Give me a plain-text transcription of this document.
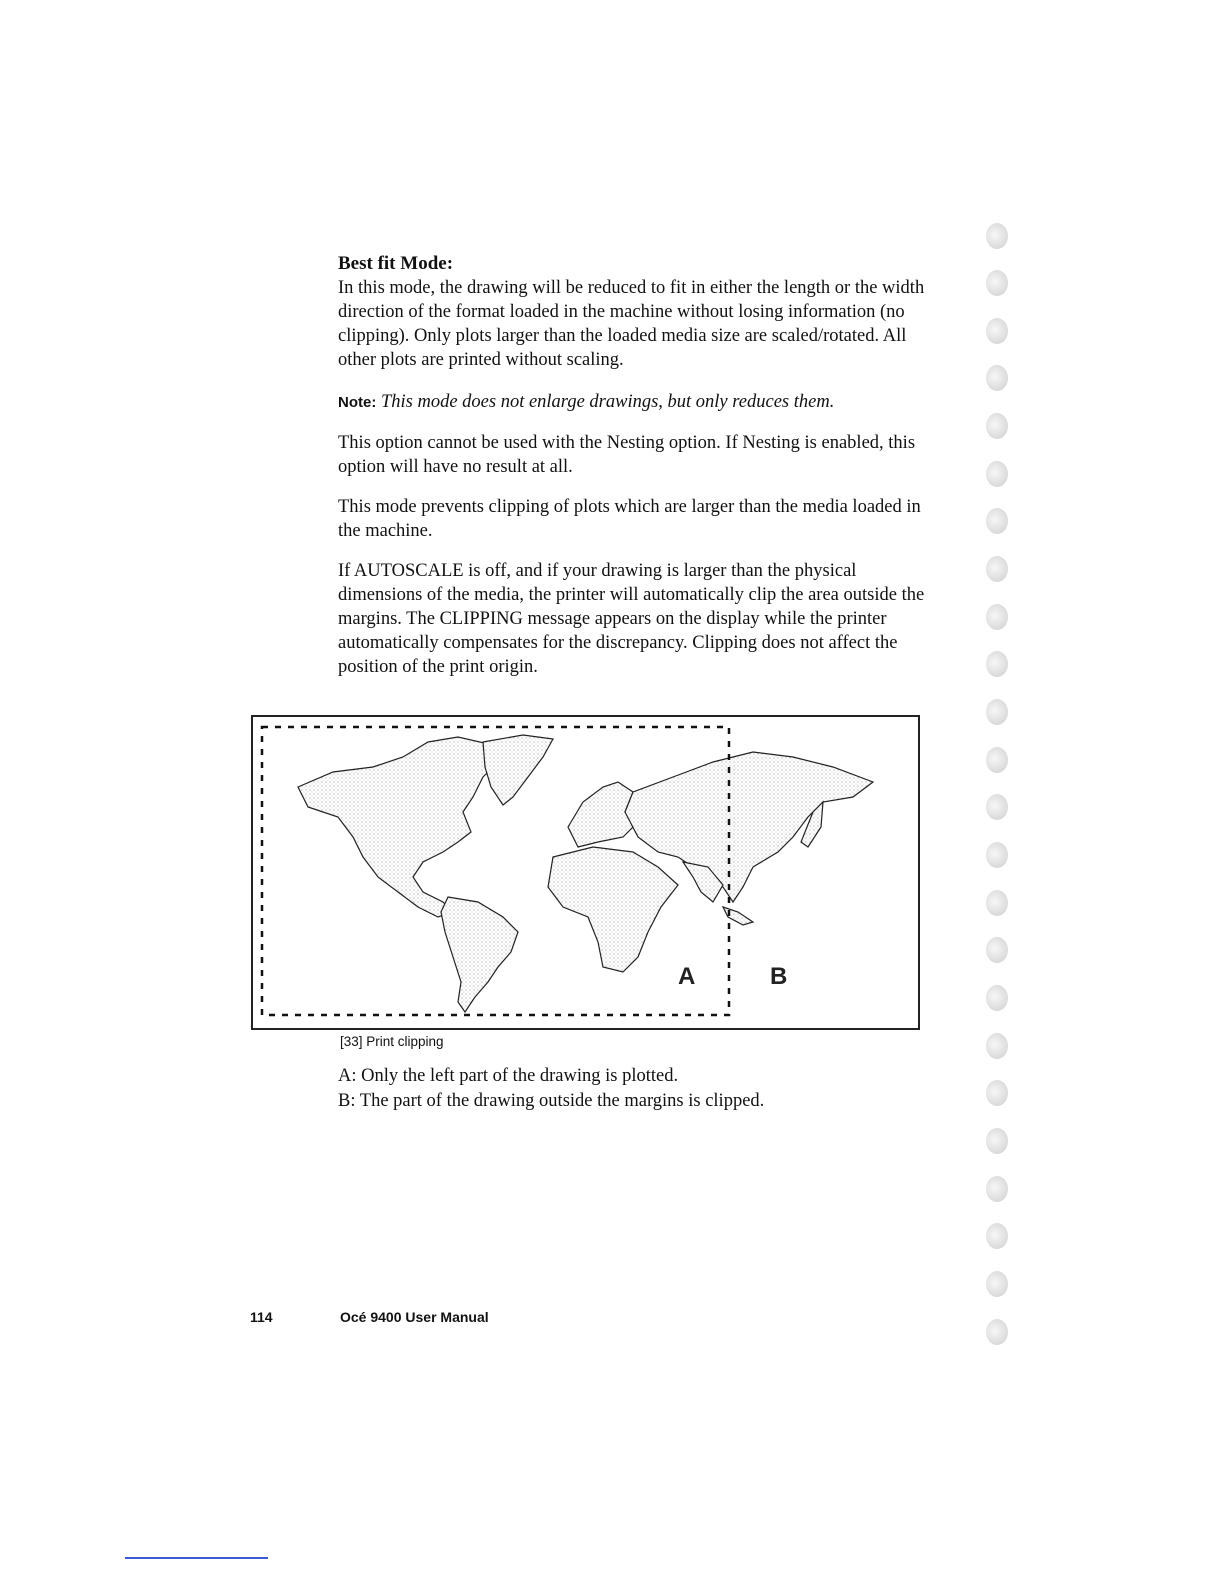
Best fit Mode:

In this mode, the drawing will be reduced to fit in either the length or the width direction of the format loaded in the machine without losing information (no clipping). Only plots larger than the loaded media size are scaled/rotated. All other plots are printed without scaling.

Note: This mode does not enlarge drawings, but only reduces them.

This option cannot be used with the Nesting option. If Nesting is enabled, this option will have no result at all.

This mode prevents clipping of plots which are larger than the media loaded in the machine.

If AUTOSCALE is off, and if your drawing is larger than the physical dimensions of the media, the printer will automatically clip the area outside the margins. The CLIPPING message appears on the display while the printer automatically compensates for the discrepancy. Clipping does not affect the position of the print origin.

A	B
[33] Print clipping
A: Only the left part of the drawing is plotted.
B: The part of the drawing outside the margins is clipped.
114	Océ 9400 User Manual
